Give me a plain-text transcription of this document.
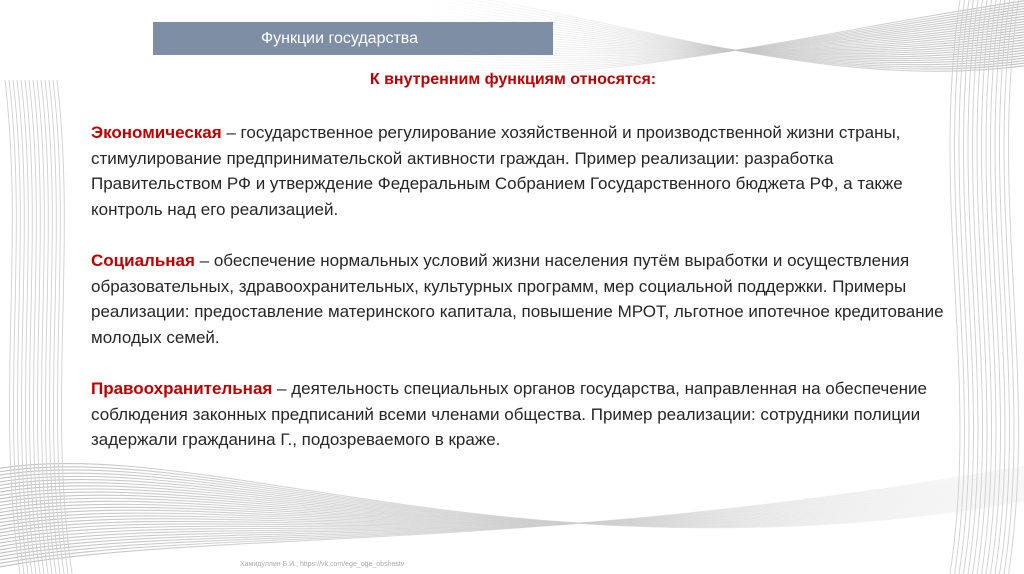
Функции государства
К внутренним функциям относятся:

Экономическая – государственное регулирование хозяйственной и производственной жизни страны, стимулирование предпринимательской активности граждан. Пример реализации: разработка Правительством РФ и утверждение Федеральным Собранием Государственного бюджета РФ, а также контроль над его реализацией.

Социальная – обеспечение нормальных условий жизни населения путём выработки и осуществления образовательных, здравоохранительных, культурных программ, мер социальной поддержки. Примеры реализации: предоставление материнского капитала, повышение МРОТ, льготное ипотечное кредитование молодых семей.

Правоохранительная – деятельность специальных органов государства, направленная на обеспечение соблюдения законных предписаний всеми членами общества. Пример реализации: сотрудники полиции задержали гражданина Г., подозреваемого в краже.

Хамидуллин Б.И.; https://vk.com/ege_oge_obshestv
